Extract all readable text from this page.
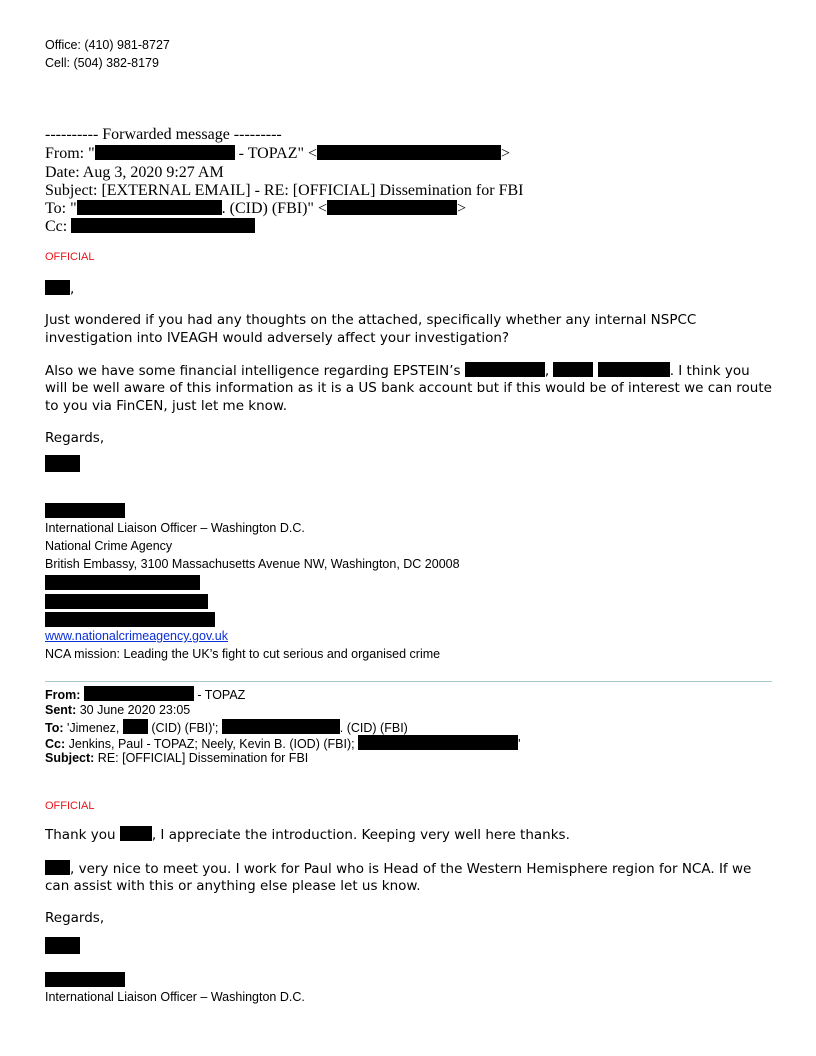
Office: (410) 981-8727
Cell: (504) 382-8179
---------- Forwarded message ---------
From: "	- TOPAZ" <	>
Date: Aug 3, 2020 9:27 AM
Subject: [EXTERNAL EMAIL] - RE: [OFFICIAL] Dissemination for FBI
To: "	. (CID) (FBI)" <	>
Cc:
OFFICIAL
,
Just wondered if you had any thoughts on the attached, specifically whether any internal NSPCC
investigation into IVEAGH would adversely affect your investigation?
Also we have some financial intelligence regarding EPSTEIN’s	,	. I think you
will be well aware of this information as it is a US bank account but if this would be of interest we can route
to you via FinCEN, just let me know.
Regards,
International Liaison Officer – Washington D.C.
National Crime Agency
British Embassy, 3100 Massachusetts Avenue NW, Washington, DC 20008
www.nationalcrimeagency.gov.uk
NCA mission: Leading the UK’s fight to cut serious and organised crime
From:	- TOPAZ
Sent: 30 June 2020 23:05
To: 'Jimenez,  (CID) (FBI)';	. (CID) (FBI)
Cc: Jenkins, Paul - TOPAZ; Neely, Kevin B. (IOD) (FBI);	'
Subject: RE: [OFFICIAL] Dissemination for FBI
OFFICIAL
Thank you , I appreciate the introduction. Keeping very well here thanks.
, very nice to meet you. I work for Paul who is Head of the Western Hemisphere region for NCA. If we
can assist with this or anything else please let us know.
Regards,
International Liaison Officer – Washington D.C.
